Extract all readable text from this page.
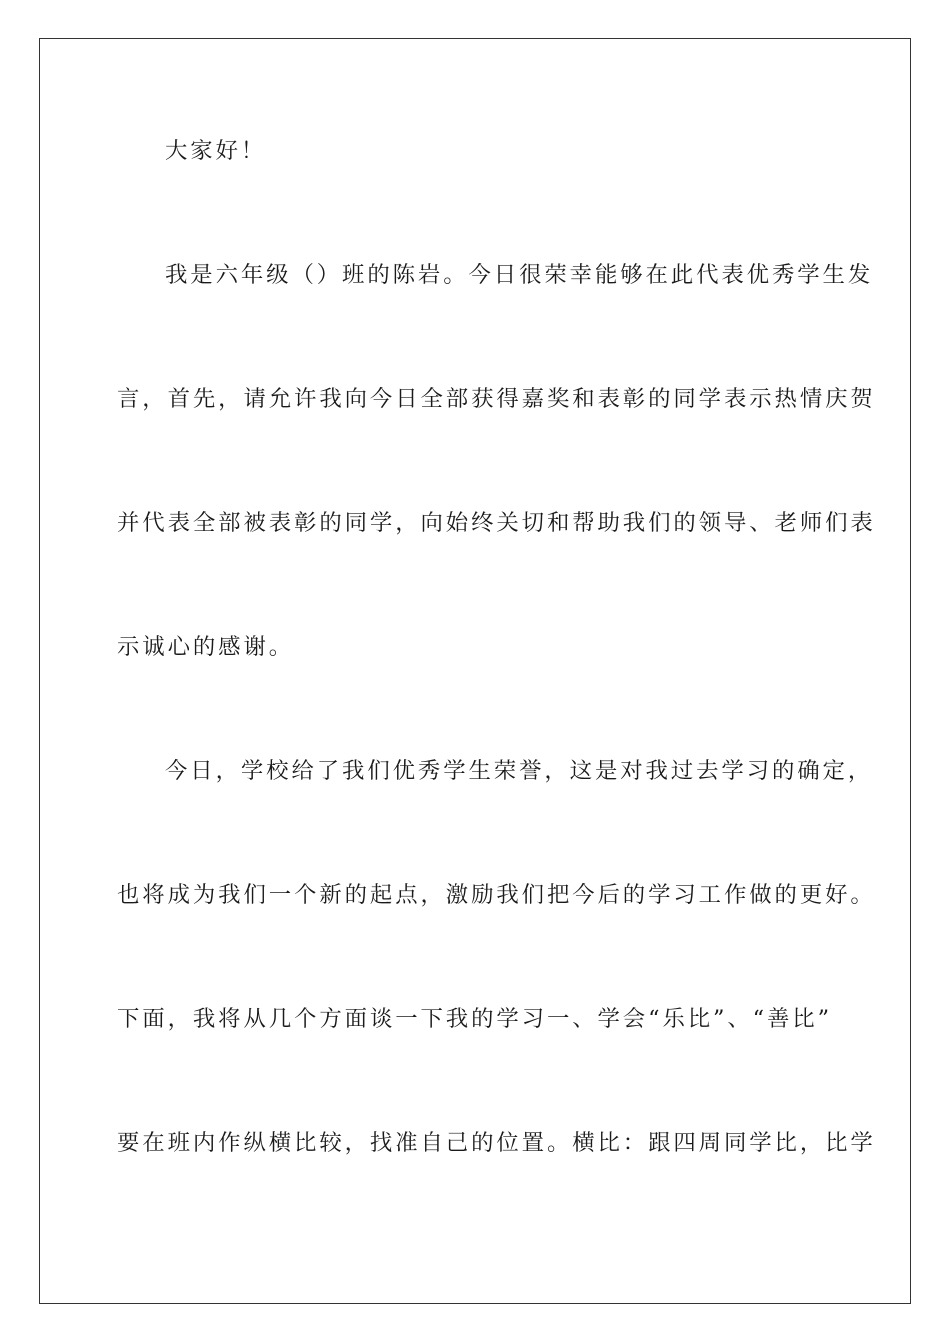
大家好！

我是六年级（）班的陈岩。今日很荣幸能够在此代表优秀学生发

言，首先，请允许我向今日全部获得嘉奖和表彰的同学表示热情庆贺

并代表全部被表彰的同学，向始终关切和帮助我们的领导、老师们表

示诚心的感谢。

今日，学校给了我们优秀学生荣誉，这是对我过去学习的确定，

也将成为我们一个新的起点，激励我们把今后的学习工作做的更好。

下面，我将从几个方面谈一下我的学习一、学会“乐比”、“善比”

要在班内作纵横比较，找准自己的位置。横比：跟四周同学比，比学
